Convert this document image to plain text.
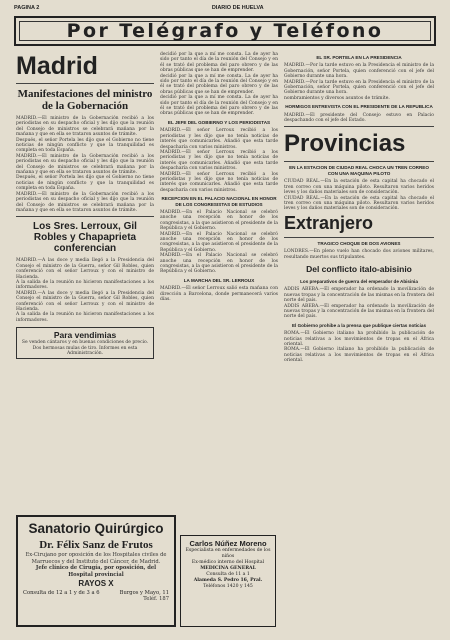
PAGINA 2	DIARIO DE HUELVA
Por Telégrafo y Teléfono
Madrid
Manifestaciones del ministro de la Gobernación

MADRID.—El ministro de la Gobernación recibió a los periodistas en su despacho oficial y les dijo que la reunión del Consejo de ministros se celebrará mañana por la mañana y que en ella se trataron asuntos de trámite.

Después, el señor Portela les dijo que el Gobierno no tiene noticias de ningún conflicto y que la tranquilidad es completa en toda España.

MADRID.—El ministro de la Gobernación recibió a los periodistas en su despacho oficial y les dijo que la reunión del Consejo de ministros se celebrará mañana por la mañana y que en ella se trataron asuntos de trámite.

Después, el señor Portela les dijo que el Gobierno no tiene noticias de ningún conflicto y que la tranquilidad es completa en toda España.

MADRID.—El ministro de la Gobernación recibió a los periodistas en su despacho oficial y les dijo que la reunión del Consejo de ministros se celebrará mañana por la mañana y que en ella se trataron asuntos de trámite.

Los Sres. Lerroux, Gil Robles y Chapaprieta conferencian

MADRID.—A las doce y media llegó a la Presidencia del Consejo el ministro de la Guerra, señor Gil Robles, quien conferenció con el señor Lerroux y con el ministro de Hacienda.

A la salida de la reunión no hicieron manifestaciones a los informadores.

MADRID.—A las doce y media llegó a la Presidencia del Consejo el ministro de la Guerra, señor Gil Robles, quien conferenció con el señor Lerroux y con el ministro de Hacienda.

A la salida de la reunión no hicieron manifestaciones a los informadores.

Para vendimias
Se venden cántaros y en buenas condiciones de precio. Dos hermosas mulas de tiro. Informes en esta Administración.

decidió por la que a mí me consta. La de ayer ha sido por tanto el día de la reunión del Consejo y en él se trató del problema del paro obrero y de las obras públicas que se han de emprender.

decidió por la que a mí me consta. La de ayer ha sido por tanto el día de la reunión del Consejo y en él se trató del problema del paro obrero y de las obras públicas que se han de emprender.

decidió por la que a mí me consta. La de ayer ha sido por tanto el día de la reunión del Consejo y en él se trató del problema del paro obrero y de las obras públicas que se han de emprender.

EL JEFE DEL GOBIERNO Y LOS PERIODISTAS

MADRID.—El señor Lerroux recibió a los periodistas y les dijo que no tenía noticias de interés que comunicarles. Añadió que esta tarde despacharía con varios ministros.

MADRID.—El señor Lerroux recibió a los periodistas y les dijo que no tenía noticias de interés que comunicarles. Añadió que esta tarde despacharía con varios ministros.

MADRID.—El señor Lerroux recibió a los periodistas y les dijo que no tenía noticias de interés que comunicarles. Añadió que esta tarde despacharía con varios ministros.

RECEPCION EN EL PALACIO NACIONAL EN HONOR DE LOS CONGRESISTAS DE ESTUDIOS

MADRID.—En el Palacio Nacional se celebró anoche una recepción en honor de los congresistas, a la que asistieron el presidente de la República y el Gobierno.

MADRID.—En el Palacio Nacional se celebró anoche una recepción en honor de los congresistas, a la que asistieron el presidente de la República y el Gobierno.

MADRID.—En el Palacio Nacional se celebró anoche una recepción en honor de los congresistas, a la que asistieron el presidente de la República y el Gobierno.

LA MARCHA DEL SR. LERROUX

MADRID.—El señor Lerroux salió esta mañana con dirección a Barcelona, donde permanecerá varios días.

EL SR. PORTELA EN LA PRESIDENCIA

MADRID.—Por la tarde estuvo en la Presidencia el ministro de la Gobernación, señor Portela, quien conferenció con el jefe del Gobierno durante una hora.

MADRID.—Por la tarde estuvo en la Presidencia el ministro de la Gobernación, señor Portela, quien conferenció con el jefe del Gobierno durante una hora.

nombramientos y diversos asuntos de trámite.

HORMIGOS ENTREVISTA CON EL PRESIDENTE DE LA REPUBLICA

MADRID.—El presidente del Consejo estuvo en Palacio despachando con el jefe del Estado.

Provincias
EN LA ESTACION DE CIUDAD REAL CHOCA UN TREN CORREO CON UNA MAQUINA PILOTO

CIUDAD REAL.—En la estación de esta capital ha chocado el tren correo con una máquina piloto. Resultaron varios heridos leves y los daños materiales son de consideración.

CIUDAD REAL.—En la estación de esta capital ha chocado el tren correo con una máquina piloto. Resultaron varios heridos leves y los daños materiales son de consideración.

Extranjero
TRAGICO CHOQUE DE DOS AVIONES

LONDRES.—En pleno vuelo han chocado dos aviones militares, resultando muertos sus tripulantes.

Del conflicto italo-abisinio
Los preparativos de guerra del emperador de Abisinia

ADDIS ABEBA.—El emperador ha ordenado la movilización de nuevas tropas y la concentración de las mismas en la frontera del norte del país.

ADDIS ABEBA.—El emperador ha ordenado la movilización de nuevas tropas y la concentración de las mismas en la frontera del norte del país.

El Gobierno prohibe a la prensa que publique ciertas noticias

ROMA.—El Gobierno italiano ha prohibido la publicación de noticias relativas a los movimientos de tropas en el África oriental.

ROMA.—El Gobierno italiano ha prohibido la publicación de noticias relativas a los movimientos de tropas en el África oriental.

Sanatorio Quirúrgico
Dr. Félix Sanz de Frutos
Ex-Cirujano por oposición de los Hospitales civiles de Marruecos y del Instituto del Cáncer, de Madrid.
Jefe clínico de Cirugía, por oposición, del Hospital provincial
RAYOS X
Consulta de 12 a 1 y de 3 a 6	Burgos y Mayo, 11
Teléf. 187
Carlos Núñez Moreno
Especialista en enfermedades de los niños
Ex-médico interno del Hospital
MEDICINA GENERAL
Consulta de 11 a 1
Alameda S. Pedro 16, Pral.
Teléfonos 1420 y 145
